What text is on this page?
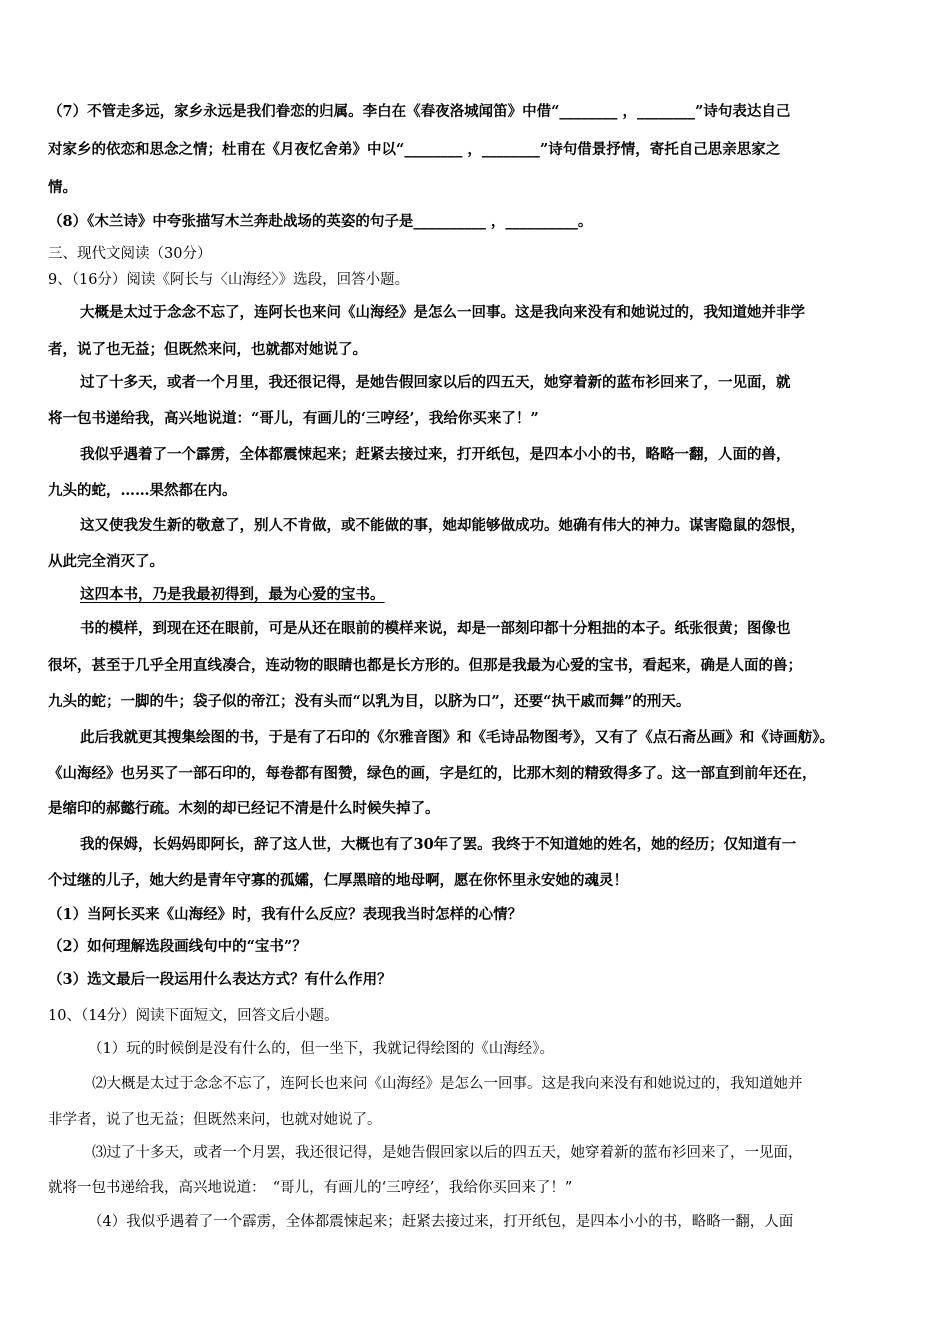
（7）不管走多远，家乡永远是我们眷恋的归属。李白在《春夜洛城闻笛》中借“________ ，________”诗句表达自己

对家乡的依恋和思念之情；杜甫在《月夜忆舍弟》中以“________ ，________”诗句借景抒情，寄托自己思亲思家之

情。

（8）《木兰诗》中夸张描写木兰奔赴战场的英姿的句子是__________ ，__________。

三、现代文阅读（30分）

9、（16分）阅读《阿长与〈山海经〉》选段，回答小题。

大概是太过于念念不忘了，连阿长也来问《山海经》是怎么一回事。这是我向来没有和她说过的，我知道她并非学

者，说了也无益；但既然来问，也就都对她说了。

过了十多天，或者一个月里，我还很记得，是她告假回家以后的四五天，她穿着新的蓝布衫回来了，一见面，就

将一包书递给我，高兴地说道：“哥儿，有画儿的‘三哼经’，我给你买来了！”

我似乎遇着了一个霹雳，全体都震悚起来；赶紧去接过来，打开纸包，是四本小小的书，略略一翻，人面的兽，

九头的蛇，……果然都在内。

这又使我发生新的敬意了，别人不肯做，或不能做的事，她却能够做成功。她确有伟大的神力。谋害隐鼠的怨恨，

从此完全消灭了。

这四本书，乃是我最初得到，最为心爱的宝书。

书的模样，到现在还在眼前，可是从还在眼前的模样来说，却是一部刻印都十分粗拙的本子。纸张很黄；图像也

很坏，甚至于几乎全用直线凑合，连动物的眼睛也都是长方形的。但那是我最为心爱的宝书，看起来，确是人面的兽；

九头的蛇；一脚的牛；袋子似的帝江；没有头而“以乳为目，以脐为口”，还要“执干戚而舞”的刑天。

此后我就更其搜集绘图的书，于是有了石印的《尔雅音图》和《毛诗品物图考》，又有了《点石斋丛画》和《诗画舫》。

《山海经》也另买了一部石印的，每卷都有图赞，绿色的画，字是红的，比那木刻的精致得多了。这一部直到前年还在，

是缩印的郝懿行疏。木刻的却已经记不清是什么时候失掉了。

我的保姆，长妈妈即阿长，辞了这人世，大概也有了30年了罢。我终于不知道她的姓名，她的经历；仅知道有一

个过继的儿子，她大约是青年守寡的孤孀，仁厚黑暗的地母啊，愿在你怀里永安她的魂灵！

（1）当阿长买来《山海经》时，我有什么反应？表现我当时怎样的心情？

（2）如何理解选段画线句中的“宝书”？

（3）选文最后一段运用什么表达方式？有什么作用？

10、（14分）阅读下面短文，回答文后小题。

（1）玩的时候倒是没有什么的，但一坐下，我就记得绘图的《山海经》。

⑵大概是太过于念念不忘了，连阿长也来问《山海经》是怎么一回事。这是我向来没有和她说过的，我知道她并

非学者，说了也无益；但既然来问，也就对她说了。

⑶过了十多天，或者一个月罢，我还很记得，是她告假回家以后的四五天，她穿着新的蓝布衫回来了，一见面，

就将一包书递给我，高兴地说道：　“哥儿，有画儿的‘三哼经’，我给你买回来了！”

（4）我似乎遇着了一个霹雳，全体都震悚起来；赶紧去接过来，打开纸包，是四本小小的书，略略一翻，人面
